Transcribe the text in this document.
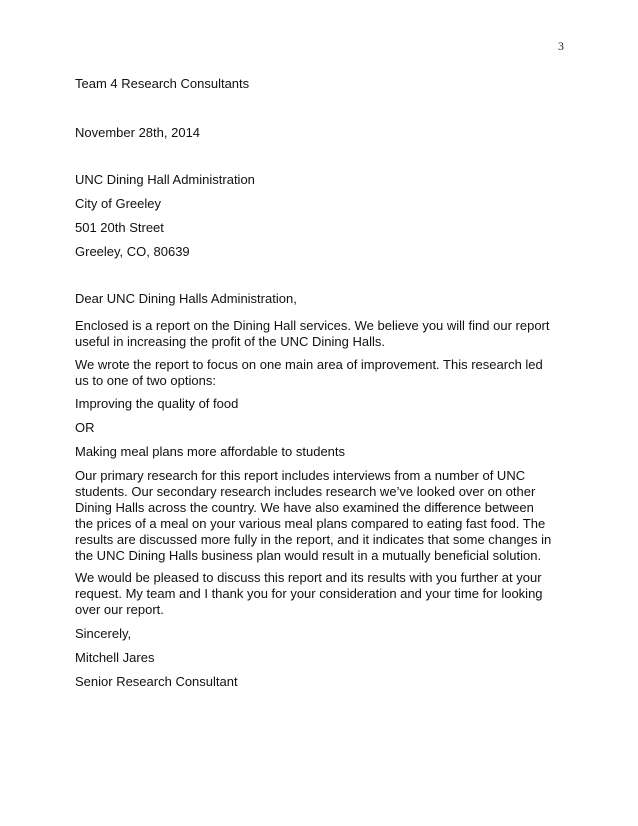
3

Team 4 Research Consultants

November 28th, 2014

UNC Dining Hall Administration

City of Greeley

501 20th Street

Greeley, CO, 80639

Dear UNC Dining Halls Administration,

Enclosed is a report on the Dining Hall services. We believe you will find our report useful in increasing the profit of the UNC Dining Halls.

We wrote the report to focus on one main area of improvement. This research led us to one of two options:

Improving the quality of food

OR

Making meal plans more affordable to students

Our primary research for this report includes interviews from a number of UNC students. Our secondary research includes research we’ve looked over on other Dining Halls across the country. We have also examined the difference between the prices of a meal on your various meal plans compared to eating fast food. The results are discussed more fully in the report, and it indicates that some changes in the UNC Dining Halls business plan would result in a mutually beneficial solution.

We would be pleased to discuss this report and its results with you further at your request. My team and I thank you for your consideration and your time for looking over our report.

Sincerely,

Mitchell Jares

Senior Research Consultant
